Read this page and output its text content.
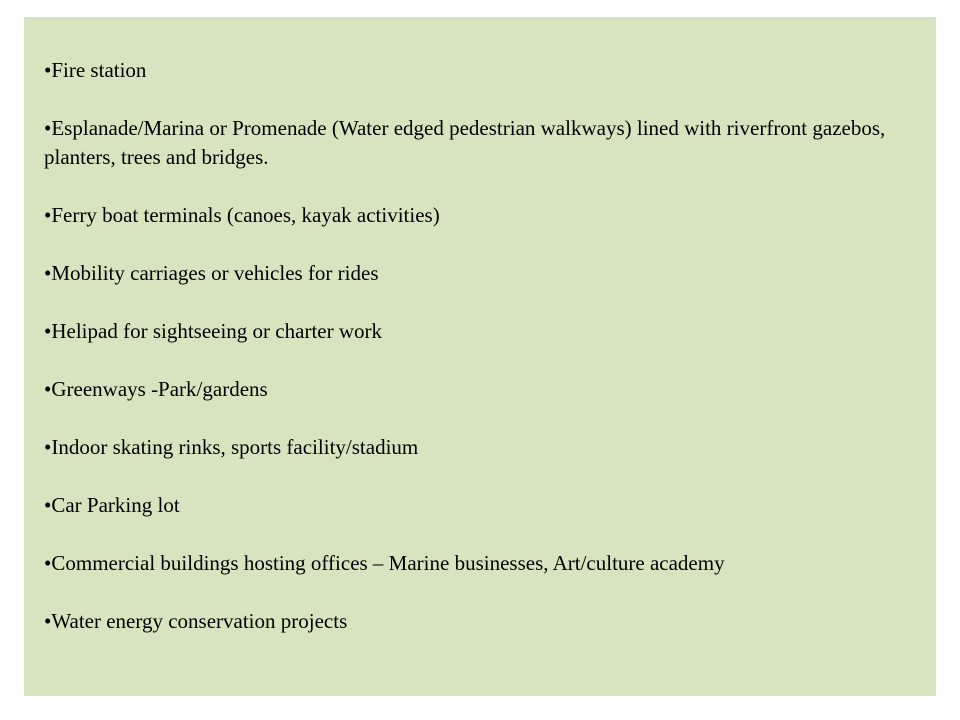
•Fire station
•Esplanade/Marina or Promenade (Water edged pedestrian walkways) lined with riverfront gazebos, planters, trees and bridges.
•Ferry boat terminals (canoes, kayak activities)
•Mobility carriages or vehicles for rides
•Helipad for sightseeing or charter work
•Greenways -Park/gardens
•Indoor skating rinks, sports facility/stadium
•Car Parking lot
•Commercial buildings hosting offices – Marine businesses, Art/culture academy
•Water energy conservation projects
